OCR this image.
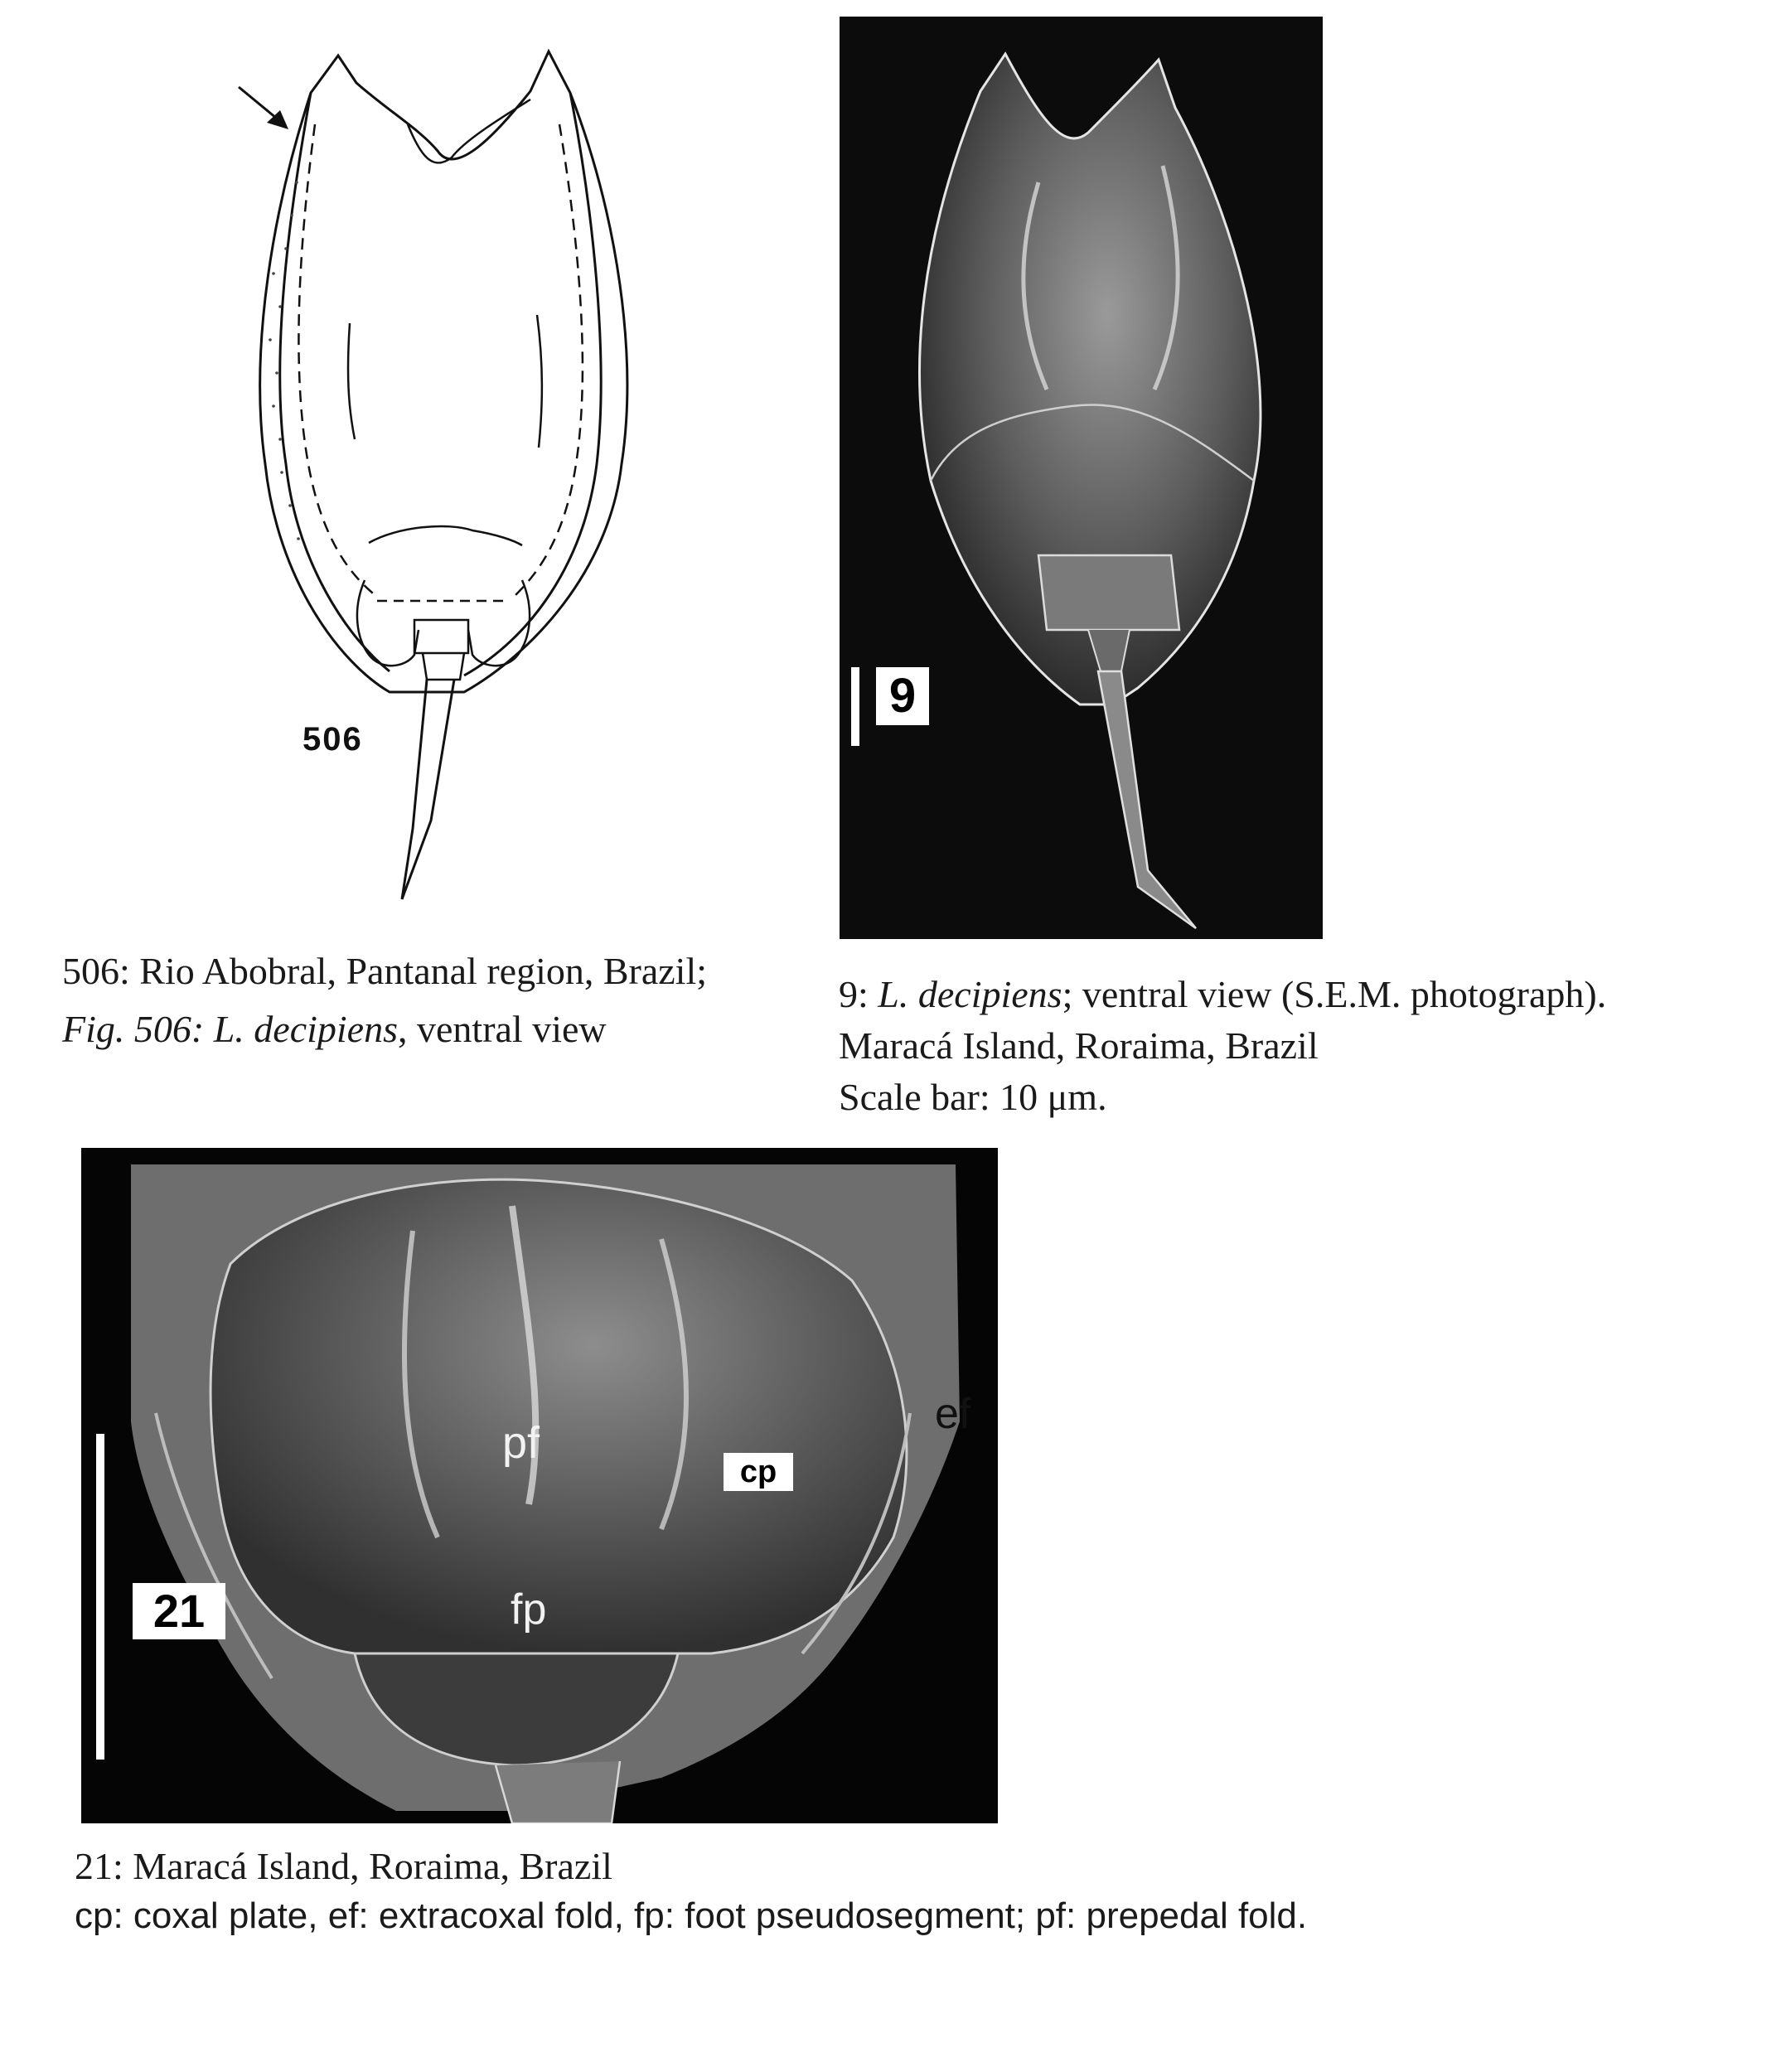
506
506: Rio Abobral, Pantanal region, Brazil;
Fig. 506: L. decipiens, ventral view
9
9: L. decipiens; ventral view (S.E.M. photograph).
Maracá Island, Roraima, Brazil
Scale bar: 10 μm.
21
pf
cp
fp
ef
21: Maracá Island, Roraima, Brazil
cp: coxal plate, ef: extracoxal fold, fp: foot pseudosegment; pf: prepedal fold.
